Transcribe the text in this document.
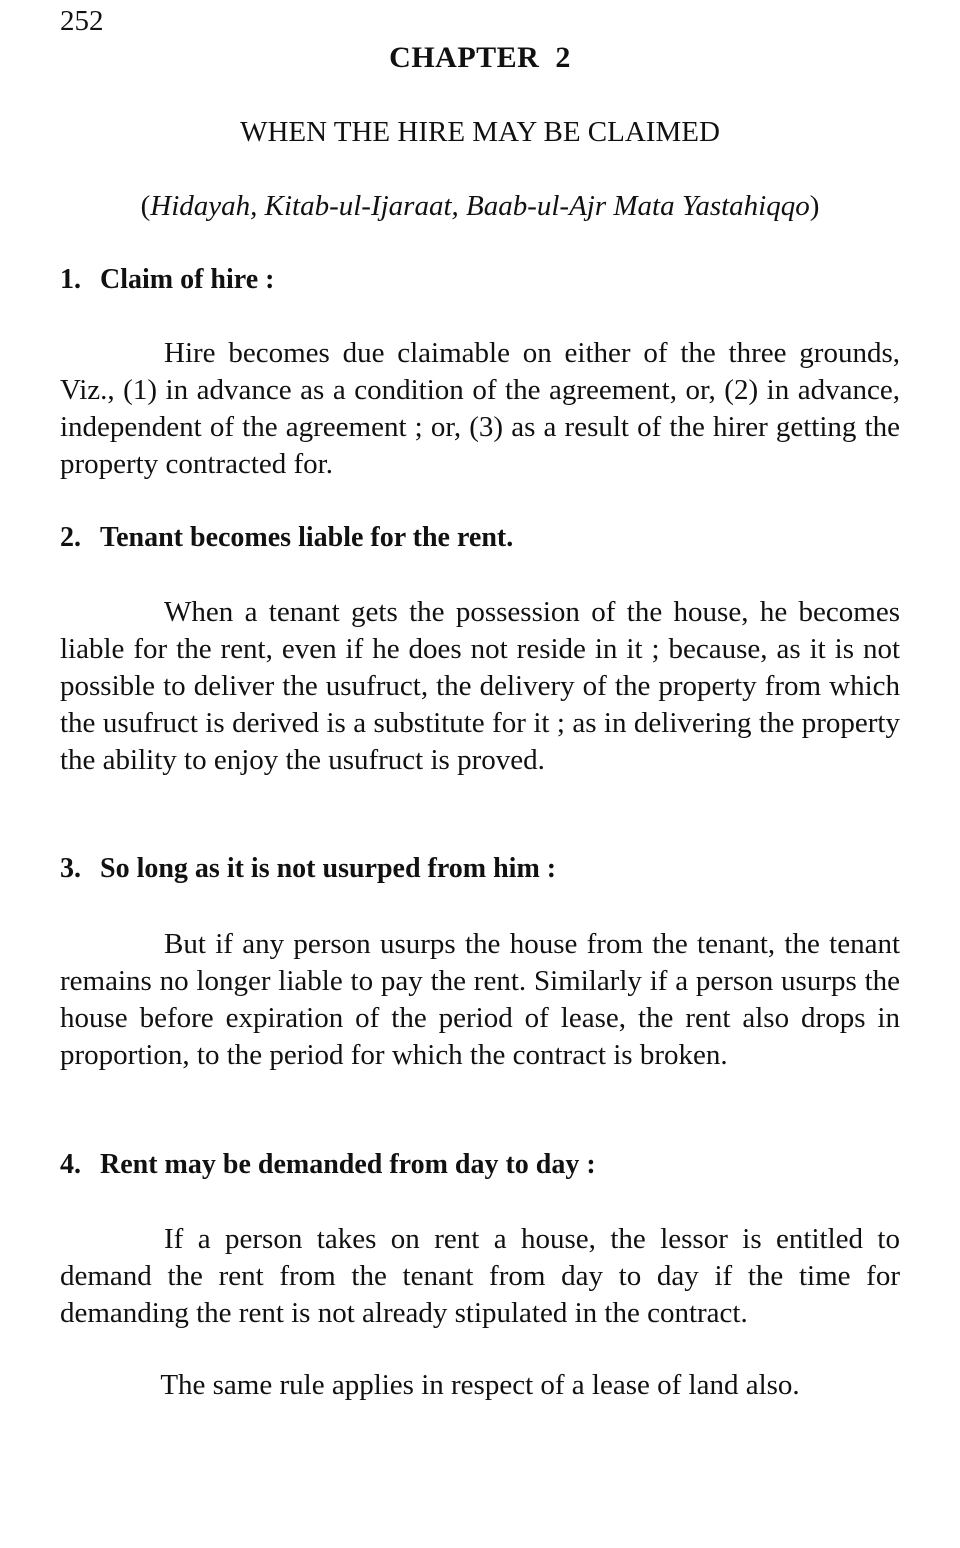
252
CHAPTER  2
WHEN THE HIRE MAY BE CLAIMED
(Hidayah, Kitab-ul-Ijaraat, Baab-ul-Ajr Mata Yastahiqqo)
1. Claim of hire :

Hire becomes due claimable on either of the three grounds, Viz., (1) in advance as a condition of the agreement, or, (2) in advance, independent of the agreement ; or, (3) as a result of the hirer getting the property contracted for.

2. Tenant becomes liable for the rent.

When a tenant gets the possession of the house, he becomes liable for the rent, even if he does not reside in it ; because, as it is not possible to deliver the usufruct, the delivery of the property from which the usufruct is derived is a substitute for it ; as in delivering the property the ability to enjoy the usufruct is proved.

3. So long as it is not usurped from him :

But if any person usurps the house from the tenant, the tenant remains no longer liable to pay the rent. Similarly if a person usurps the house before expiration of the period of lease, the rent also drops in proportion, to the period for which the contract is broken.

4. Rent may be demanded from day to day :

If a person takes on rent a house, the lessor is entitled to demand the rent from the tenant from day to day if the time for demanding the rent is not already stipulated in the contract.

The same rule applies in respect of a lease of land also.
